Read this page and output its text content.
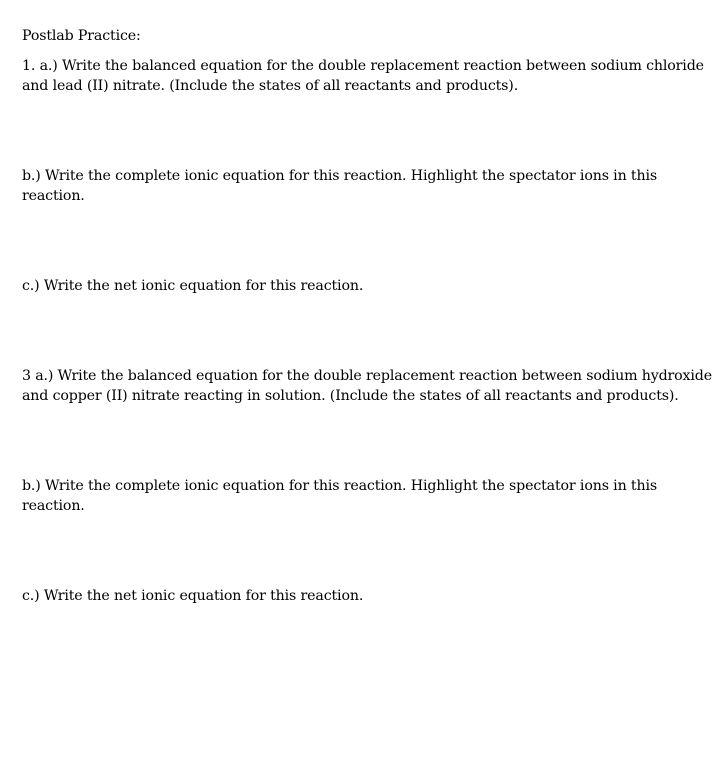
Postlab Practice:
1. a.) Write the balanced equation for the double replacement reaction between sodium chloride
and lead (II) nitrate. (Include the states of all reactants and products).
b.) Write the complete ionic equation for this reaction. Highlight the spectator ions in this
reaction.
c.) Write the net ionic equation for this reaction.
3 a.) Write the balanced equation for the double replacement reaction between sodium hydroxide
and copper (II) nitrate reacting in solution. (Include the states of all reactants and products).
b.) Write the complete ionic equation for this reaction. Highlight the spectator ions in this
reaction.
c.) Write the net ionic equation for this reaction.
